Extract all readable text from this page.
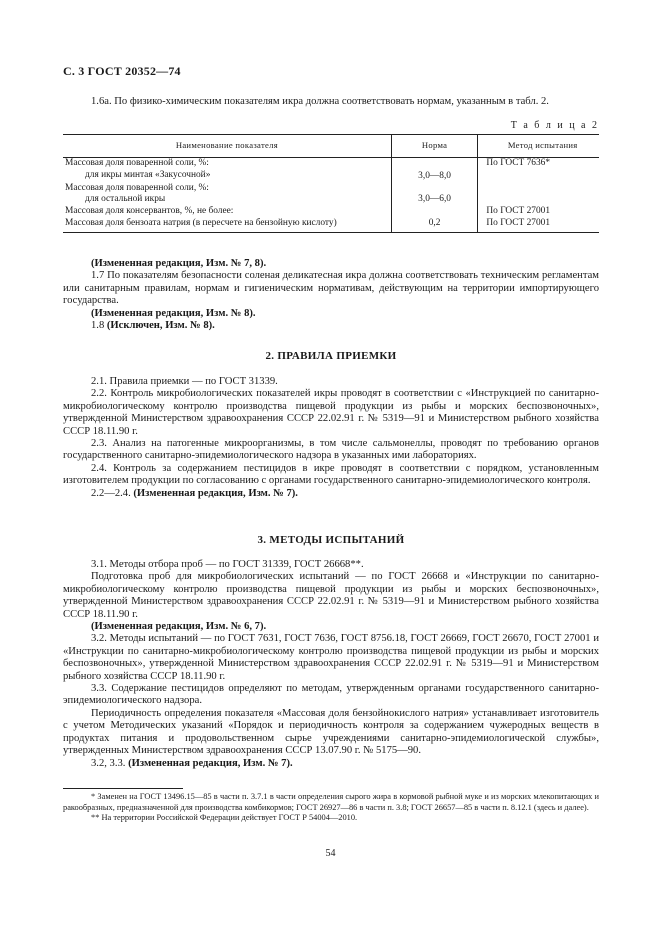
С. 3 ГОСТ 20352—74

1.6а. По физико-химическим показателям икра должна соответствовать нормам, указанным в табл. 2.

Т а б л и ц а 2
Наименование показателя	Норма	Метод испытания
Массовая доля поваренной соли, %:		По ГОСТ 7636*
для икры минтая «Закусочной»	3,0—8,0	
Массовая доля поваренной соли, %:		
для остальной икры	3,0—6,0	
Массовая доля консервантов, %, не более:		По ГОСТ 27001
Массовая доля бензоата натрия (в пересчете на бензойную кислоту)	0,2	По ГОСТ 27001

(Измененная редакция, Изм. № 7, 8).

1.7 По показателям безопасности соленая деликатесная икра должна соответствовать техническим регламентам или санитарным правилам, нормам и гигиеническим нормативам, действующим на территории импортирующего государства.

(Измененная редакция, Изм. № 8).

1.8 (Исключен, Изм. № 8).

2. ПРАВИЛА ПРИЕМКИ

2.1. Правила приемки — по ГОСТ 31339.

2.2. Контроль микробиологических показателей икры проводят в соответствии с «Инструкцией по санитарно-микробиологическому контролю производства пищевой продукции из рыбы и морских беспозвоночных», утвержденной Министерством здравоохранения СССР 22.02.91 г. № 5319—91 и Министерством рыбного хозяйства СССР 18.11.90 г.

2.3. Анализ на патогенные микроорганизмы, в том числе сальмонеллы, проводят по требованию органов государственного санитарно-эпидемиологического надзора в указанных ими лабораториях.

2.4. Контроль за содержанием пестицидов в икре проводят в соответствии с порядком, установленным изготовителем продукции по согласованию с органами государственного санитарно-эпидемиологического контроля.

2.2—2.4. (Измененная редакция, Изм. № 7).

3. МЕТОДЫ ИСПЫТАНИЙ

3.1. Методы отбора проб — по ГОСТ 31339, ГОСТ 26668**.

Подготовка проб для микробиологических испытаний — по ГОСТ 26668 и «Инструкции по санитарно-микробиологическому контролю производства пищевой продукции из рыбы и морских беспозвоночных», утвержденной Министерством здравоохранения СССР 22.02.91 г. № 5319—91 и Министерством рыбного хозяйства СССР 18.11.90 г.

(Измененная редакция, Изм. № 6, 7).

3.2. Методы испытаний — по ГОСТ 7631, ГОСТ 7636, ГОСТ 8756.18, ГОСТ 26669, ГОСТ 26670, ГОСТ 27001 и «Инструкции по санитарно-микробиологическому контролю производства пищевой продукции из рыбы и морских беспозвоночных», утвержденной Министерством здравоохранения СССР 22.02.91 г. № 5319—91 и Министерством рыбного хозяйства СССР 18.11.90 г.

3.3. Содержание пестицидов определяют по методам, утвержденным органами государственного санитарно-эпидемиологического надзора.

Периодичность определения показателя «Массовая доля бензойнокислого натрия» устанавливает изготовитель с учетом Методических указаний «Порядок и периодичность контроля за содержанием чужеродных веществ в продуктах питания и продовольственном сырье учреждениями санитарно-эпидемиологической службы», утвержденных Министерством здравоохранения СССР 13.07.90 г. № 5175—90.

3.2, 3.3. (Измененная редакция, Изм. № 7).

* Заменен на ГОСТ 13496.15—85 в части п. 3.7.1 в части определения сырого жира в кормовой рыбной муке и из морских млекопитающих и ракообразных, предназначенной для производства комбикормов; ГОСТ 26927—86 в части п. 3.8; ГОСТ 26657—85 в части п. 8.12.1 (здесь и далее).

** На территории Российской Федерации действует ГОСТ Р 54004—2010.

54
